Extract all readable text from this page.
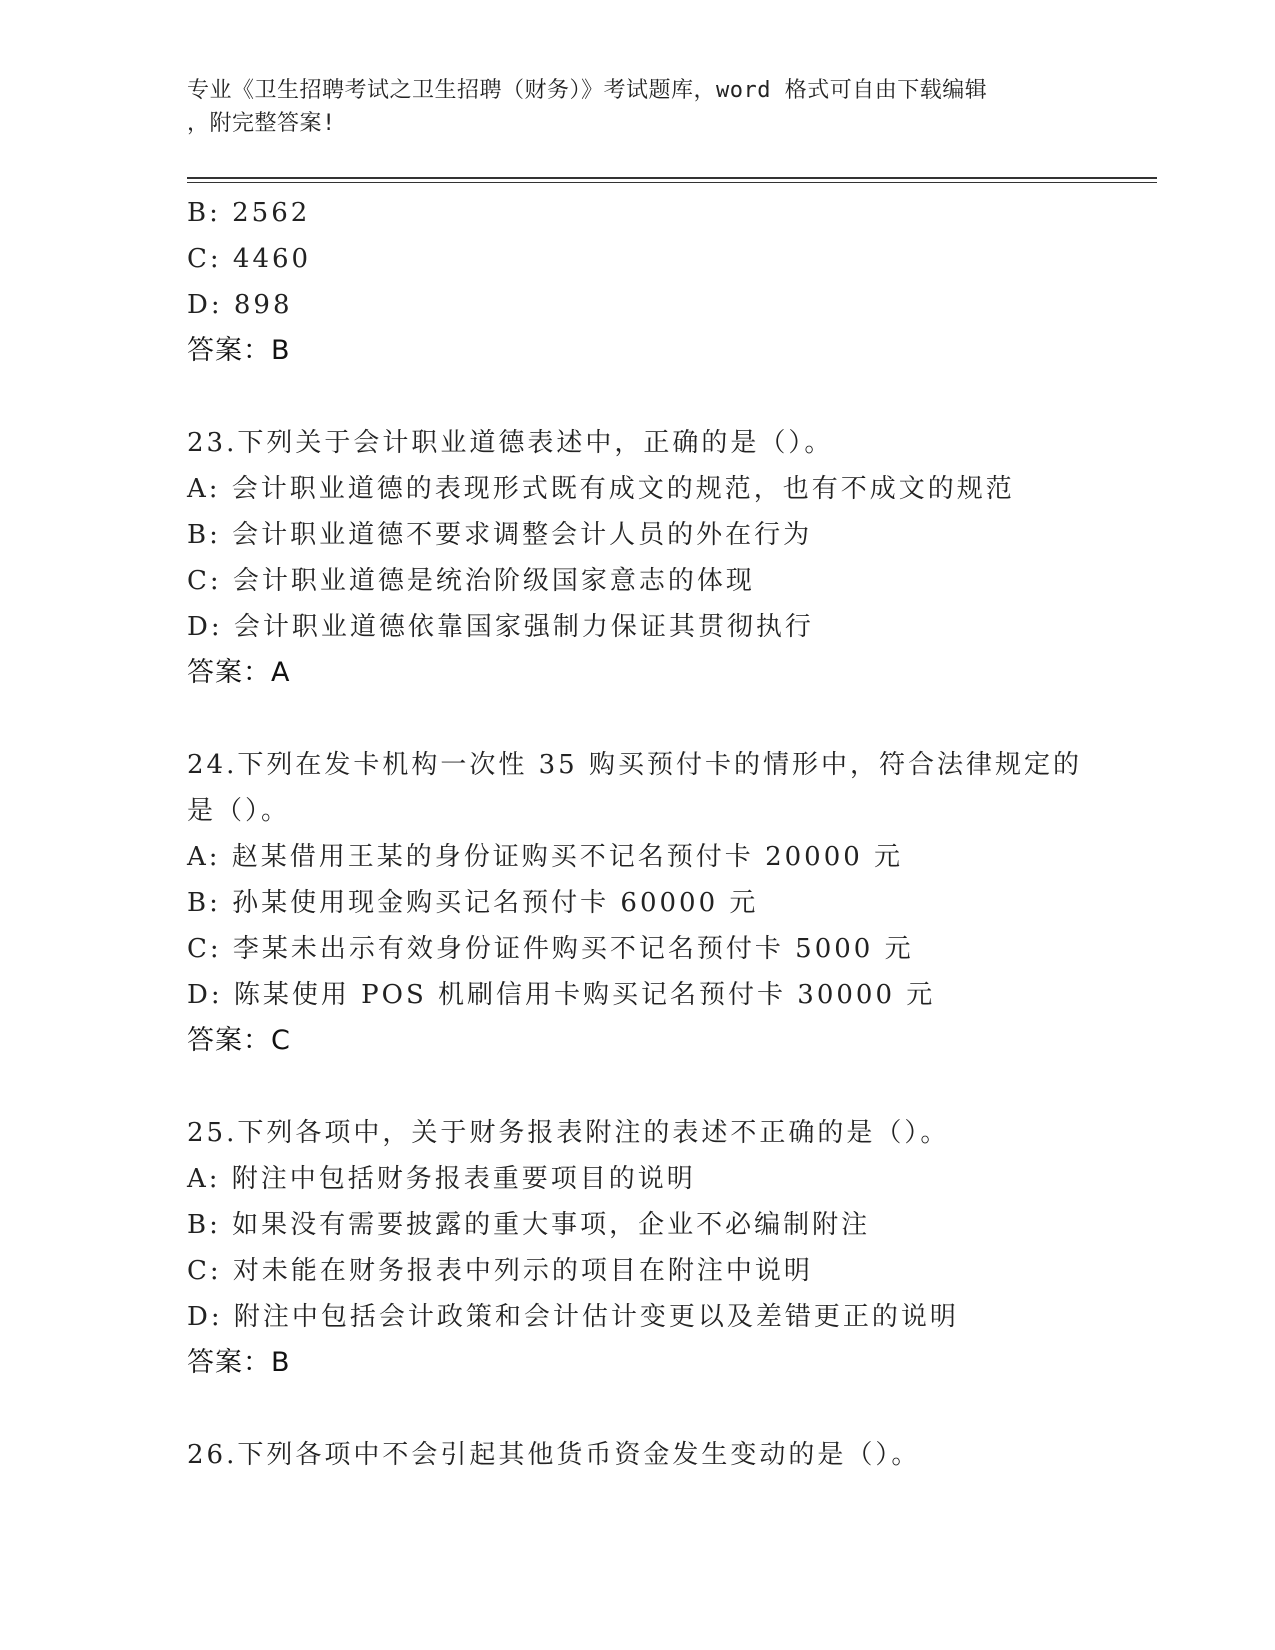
专业《卫生招聘考试之卫生招聘（财务）》考试题库，word 格式可自由下载编辑
，附完整答案!
B: 2562
C: 4460
D: 898
答案：B
23.下列关于会计职业道德表述中，正确的是（）。
A: 会计职业道德的表现形式既有成文的规范，也有不成文的规范
B: 会计职业道德不要求调整会计人员的外在行为
C: 会计职业道德是统治阶级国家意志的体现
D: 会计职业道德依靠国家强制力保证其贯彻执行
答案：A
24.下列在发卡机构一次性 35 购买预付卡的情形中，符合法律规定的
是（）。
A: 赵某借用王某的身份证购买不记名预付卡 20000 元
B: 孙某使用现金购买记名预付卡 60000 元
C: 李某未出示有效身份证件购买不记名预付卡 5000 元
D: 陈某使用 POS 机刷信用卡购买记名预付卡 30000 元
答案：C
25.下列各项中，关于财务报表附注的表述不正确的是（）。
A: 附注中包括财务报表重要项目的说明
B: 如果没有需要披露的重大事项，企业不必编制附注
C: 对未能在财务报表中列示的项目在附注中说明
D: 附注中包括会计政策和会计估计变更以及差错更正的说明
答案：B
26.下列各项中不会引起其他货币资金发生变动的是（）。
